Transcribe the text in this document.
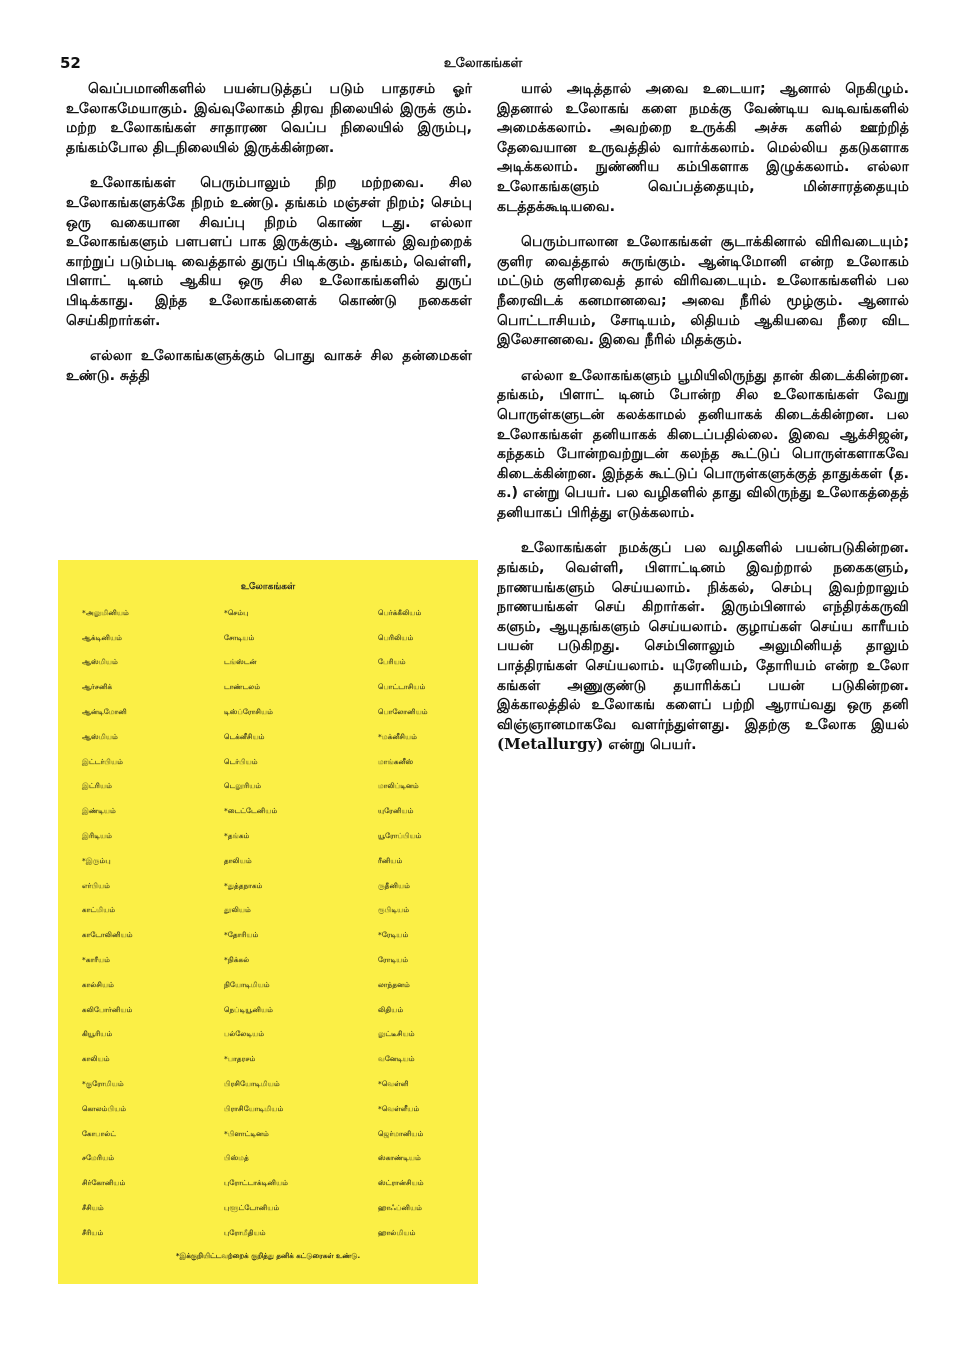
52	உலோகங்கள்

வெப்பமானிகளில் பயன்படுத்தப் படும் பாதரசம் ஓர் உலோகமேயாகும். இவ்வுலோகம் திரவ நிலையில் இருக் கும். மற்ற உலோகங்கள் சாதாரண வெப்ப நிலையில் இரும்பு, தங்கம்போல திடநிலையில் இருக்கின்றன.

உலோகங்கள் பெரும்பாலும் நிற மற்றவை. சில உலோகங்களுக்கே நிறம் உண்டு. தங்கம் மஞ்சள் நிறம்; செம்பு ஒரு வகையான சிவப்பு நிறம் கொண் டது. எல்லா உலோகங்களும் பளபளப் பாக இருக்கும். ஆனால் இவற்றைக் காற்றுப் படும்படி வைத்தால் துருப் பிடிக்கும். தங்கம், வெள்ளி, பிளாட் டினம் ஆகிய ஒரு சில உலோகங்களில் துருப் பிடிக்காது. இந்த உலோகங்களைக் கொண்டு நகைகள் செய்கிறார்கள்.

எல்லா உலோகங்களுக்கும் பொது வாகச் சில தன்மைகள் உண்டு. சுத்தி

உலோகங்கள்
*அலுமினியம்	*செம்பு	பெர்க்கீலியம்
ஆக்டினியம்	சோடியம்	பெரிலியம்
ஆஸ்மியம்	டங்ஸ்டன்	பேரியம்
ஆர்சனிக்	டாண்டலம்	பொட்டாசியம்
ஆன்டிமோனி	டிஸ்ப்ரோசியம்	பொலோனியம்
ஆஸ்மியம்	டெக்னீசியம்	*மக்னீசியம்
இட்டர்பியம்	டெர்பியம்	மாங்கனீஸ்
இட்ரியம்	டெலூரியம்	மாலிப்டினம்
இண்டியம்	*டைட்டேனியம்	யுரேனியம்
இரிடியம்	*தங்கம்	யூரோப்பியம்
*இரும்பு	தாலியம்	ரீனியம்
எர்பியம்	*துத்தநாகம்	ருதீனியம்
காட்மியம்	தூலியம்	ரூபிடியம்
காடோலினியம்	*தோரியம்	*ரேடியம்
*காரீயம்	*நிக்கல்	ரோடியம்
கால்சியம்	நியோடிமியம்	லாந்தனம்
கலிபோர்னியம்	நெப்டியூனியம்	லிதியம்
கியூரியம்	பல்லேடியம்	லுட்டீசியம்
காலியம்	*பாதரசம்	வனேடியம்
*குரோமியம்	பிரசியோடிமியம்	*வெள்ளி
கொலம்பியம்	பிராசியோடிமியம்	*வெள்ளீயம்
கோபால்ட்	*பிளாட்டினம்	ஜெர்மானியம்
சமேரியம்	பிஸ்மத்	ஸ்காண்டியம்
சிர்கோனியம்	புரோட்டாக்டினியம்	ஸ்ட்ரான்சியம்
சீசியம்	புளூட்டோனியம்	ஹாஃப்னியம்
சீரியம்	புரோமீதியம்	ஹால்மியம்
*இக்குறியிட்டவற்றைக் குறித்து தனிக் கட்டுரைகள் உண்டு.

யால் அடித்தால் அவை உடையா; ஆனால் நெகிழும். இதனால் உலோகங் களை நமக்கு வேண்டிய வடிவங்களில் அமைக்கலாம். அவற்றை உருக்கி அச்சு களில் ஊற்றித் தேவையான உருவத்தில் வார்க்கலாம். மெல்லிய தகடுகளாக அடிக்கலாம். நுண்ணிய கம்பிகளாக இழுக்கலாம். எல்லா உலோகங்களும் வெப்பத்தையும், மின்சாரத்தையும் கடத்தக்கூடியவை.

பெரும்பாலான உலோகங்கள் சூடாக்கினால் விரிவடையும்; குளிர வைத்தால் சுருங்கும். ஆன்டிமோனி என்ற உலோகம் மட்டும் குளிரவைத் தால் விரிவடையும். உலோகங்களில் பல நீரைவிடக் கனமானவை; அவை நீரில் மூழ்கும். ஆனால் பொட்டாசியம், சோடியம், லிதியம் ஆகியவை நீரை விட இலேசானவை. இவை நீரில் மிதக்கும்.

எல்லா உலோகங்களும் பூமியிலிருந்து தான் கிடைக்கின்றன. தங்கம், பிளாட் டினம் போன்ற சில உலோகங்கள் வேறு பொருள்களுடன் கலக்காமல் தனியாகக் கிடைக்கின்றன. பல உலோகங்கள் தனியாகக் கிடைப்பதில்லை. இவை ஆக்சிஜன், கந்தகம் போன்றவற்றுடன் கலந்த கூட்டுப் பொருள்களாகவே கிடைக்கின்றன. இந்தக் கூட்டுப் பொருள்களுக்குத் தாதுக்கள் (த. க.) என்று பெயர். பல வழிகளில் தாது விலிருந்து உலோகத்தைத் தனியாகப் பிரித்து எடுக்கலாம்.

உலோகங்கள் நமக்குப் பல வழிகளில் பயன்படுகின்றன. தங்கம், வெள்ளி, பிளாட்டினம் இவற்றால் நகைகளும், நாணயங்களும் செய்யலாம். நிக்கல், செம்பு இவற்றாலும் நாணயங்கள் செய் கிறார்கள். இரும்பினால் எந்திரக்கருவி களும், ஆயுதங்களும் செய்யலாம். குழாய்கள் செய்ய காரீயம் பயன் படுகிறது. செம்பினாலும் அலுமினியத் தாலும் பாத்திரங்கள் செய்யலாம். யுரேனியம், தோரியம் என்ற உலோ கங்கள் அணுகுண்டு தயாரிக்கப் பயன் படுகின்றன. இக்காலத்தில் உலோகங் களைப் பற்றி ஆராய்வது ஒரு தனி விஞ்ஞானமாகவே வளர்ந்துள்ளது. இதற்கு உலோக இயல் (Metallurgy) என்று பெயர்.
